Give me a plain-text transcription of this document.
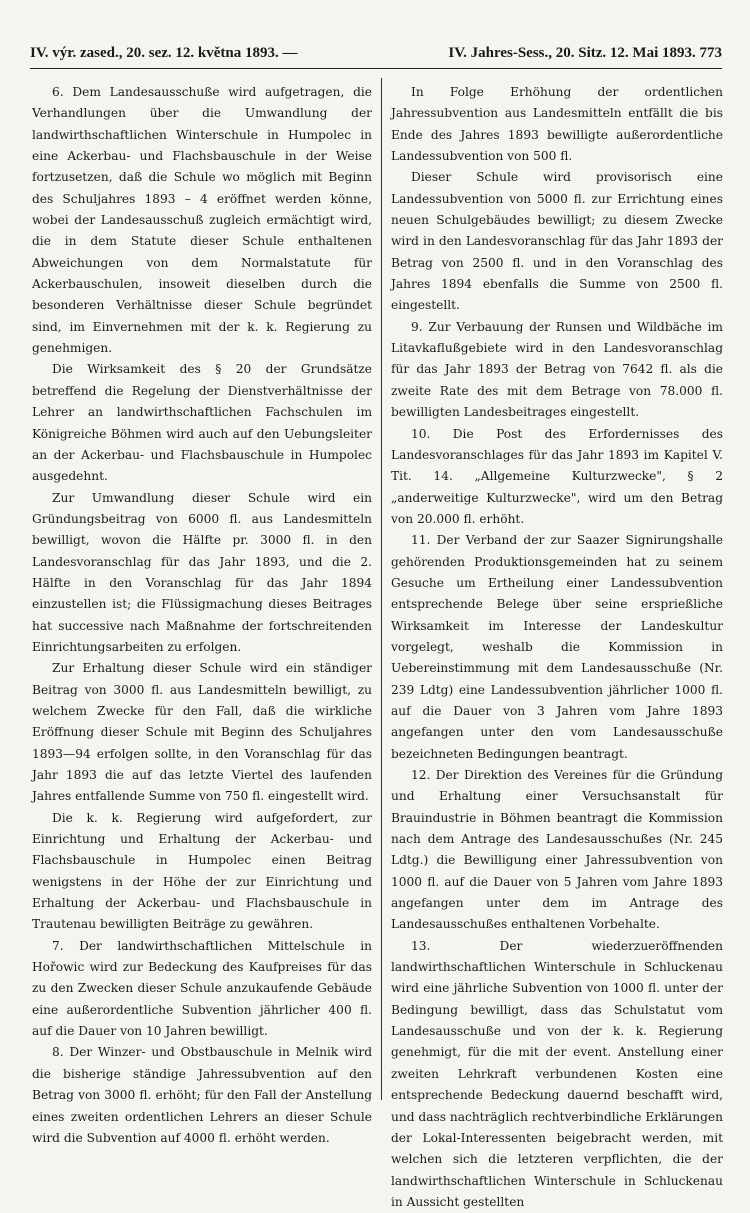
IV. výr. zased., 20. sez. 12. května 1893. —	IV. Jahres-Sess., 20. Sitz. 12. Mai 1893. 773

6. Dem Landesausschuße wird aufgetragen, die Verhandlungen über die Umwandlung der landwirthschaftlichen Winterschule in Humpolec in eine Ackerbau- und Flachsbauschule in der Weise fortzusetzen, daß die Schule wo möglich mit Beginn des Schuljahres 1893 – 4 eröffnet werden könne, wobei der Landesausschuß zugleich ermächtigt wird, die in dem Statute dieser Schule enthaltenen Abweichungen von dem Normalstatute für Ackerbauschulen, insoweit dieselben durch die besonderen Verhältnisse dieser Schule begründet sind, im Einvernehmen mit der k. k. Regierung zu genehmigen.

Die Wirksamkeit des § 20 der Grundsätze betreffend die Regelung der Dienstverhältnisse der Lehrer an landwirthschaftlichen Fachschulen im Königreiche Böhmen wird auch auf den Uebungsleiter an der Ackerbau- und Flachsbauschule in Humpolec ausgedehnt.

Zur Umwandlung dieser Schule wird ein Gründungsbeitrag von 6000 fl. aus Landesmitteln bewilligt, wovon die Hälfte pr. 3000 fl. in den Landesvoranschlag für das Jahr 1893, und die 2. Hälfte in den Voranschlag für das Jahr 1894 einzustellen ist; die Flüssigmachung dieses Beitrages hat successive nach Maßnahme der fortschreitenden Einrichtungsarbeiten zu erfolgen.

Zur Erhaltung dieser Schule wird ein ständiger Beitrag von 3000 fl. aus Landesmitteln bewilligt, zu welchem Zwecke für den Fall, daß die wirkliche Eröffnung dieser Schule mit Beginn des Schuljahres 1893—94 erfolgen sollte, in den Voranschlag für das Jahr 1893 die auf das letzte Viertel des laufenden Jahres entfallende Summe von 750 fl. eingestellt wird.

Die k. k. Regierung wird aufgefordert, zur Einrichtung und Erhaltung der Ackerbau- und Flachsbauschule in Humpolec einen Beitrag wenigstens in der Höhe der zur Einrichtung und Erhaltung der Ackerbau- und Flachsbauschule in Trautenau bewilligten Beiträge zu gewähren.

7. Der landwirthschaftlichen Mittelschule in Hořowic wird zur Bedeckung des Kaufpreises für das zu den Zwecken dieser Schule anzukaufende Gebäude eine außerordentliche Subvention jährlicher 400 fl. auf die Dauer von 10 Jahren bewilligt.

8. Der Winzer- und Obstbauschule in Melnik wird die bisherige ständige Jahressubvention auf den Betrag von 3000 fl. erhöht; für den Fall der Anstellung eines zweiten ordentlichen Lehrers an dieser Schule wird die Subvention auf 4000 fl. erhöht werden.

In Folge Erhöhung der ordentlichen Jahressubvention aus Landesmitteln entfällt die bis Ende des Jahres 1893 bewilligte außerordentliche Landessubvention von 500 fl.

Dieser Schule wird provisorisch eine Landessubvention von 5000 fl. zur Errichtung eines neuen Schulgebäudes bewilligt; zu diesem Zwecke wird in den Landesvoranschlag für das Jahr 1893 der Betrag von 2500 fl. und in den Voranschlag des Jahres 1894 ebenfalls die Summe von 2500 fl. eingestellt.

9. Zur Verbauung der Runsen und Wildbäche im Litavkaflußgebiete wird in den Landesvoranschlag für das Jahr 1893 der Betrag von 7642 fl. als die zweite Rate des mit dem Betrage von 78.000 fl. bewilligten Landesbeitrages eingestellt.

10. Die Post des Erfordernisses des Landesvoranschlages für das Jahr 1893 im Kapitel V. Tit. 14. „Allgemeine Kulturzwecke", § 2 „anderweitige Kulturzwecke", wird um den Betrag von 20.000 fl. erhöht.

11. Der Verband der zur Saazer Signirungshalle gehörenden Produktionsgemeinden hat zu seinem Gesuche um Ertheilung einer Landessubvention entsprechende Belege über seine ersprießliche Wirksamkeit im Interesse der Landeskultur vorgelegt, weshalb die Kommission in Uebereinstimmung mit dem Landesausschuße (Nr. 239 Ldtg) eine Landessubvention jährlicher 1000 fl. auf die Dauer von 3 Jahren vom Jahre 1893 angefangen unter den vom Landesausschuße bezeichneten Bedingungen beantragt.

12. Der Direktion des Vereines für die Gründung und Erhaltung einer Versuchsanstalt für Brauindustrie in Böhmen beantragt die Kommission nach dem Antrage des Landesausschußes (Nr. 245 Ldtg.) die Bewilligung einer Jahressubvention von 1000 fl. auf die Dauer von 5 Jahren vom Jahre 1893 angefangen unter dem im Antrage des Landesausschußes enthaltenen Vorbehalte.

13. Der wiederzueröffnenden landwirthschaftlichen Winterschule in Schluckenau wird eine jährliche Subvention von 1000 fl. unter der Bedingung bewilligt, dass das Schulstatut vom Landesausschuße und von der k. k. Regierung genehmigt, für die mit der event. Anstellung einer zweiten Lehrkraft verbundenen Kosten eine entsprechende Bedeckung dauernd beschafft wird, und dass nachträglich rechtverbindliche Erklärungen der Lokal-Interessenten beigebracht werden, mit welchen sich die letzteren verpflichten, die der landwirthschaftlichen Winterschule in Schluckenau in Aussicht gestellten
